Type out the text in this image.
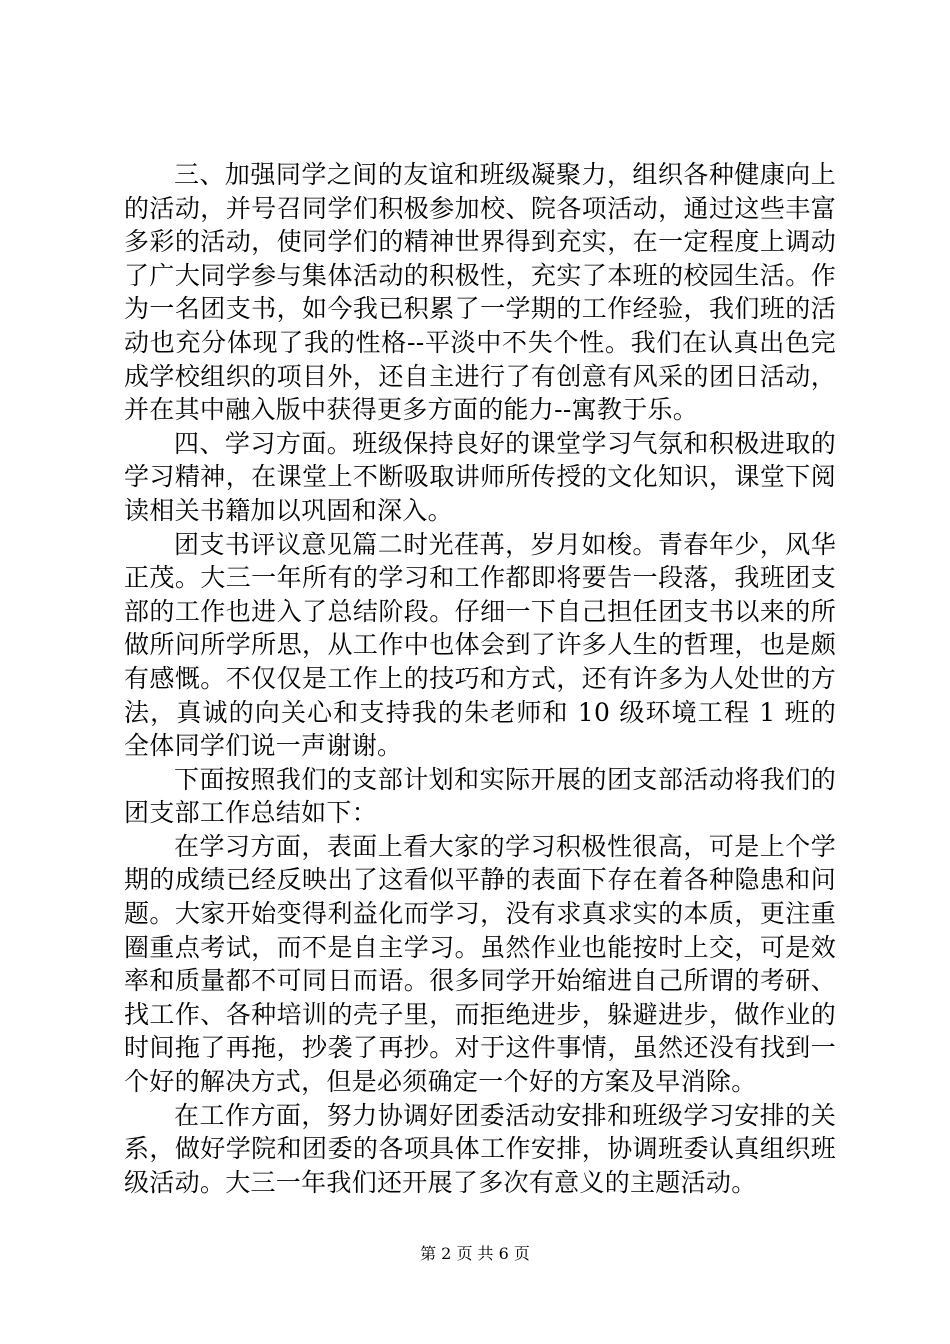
三、加强同学之间的友谊和班级凝聚力，组织各种健康向上的活动，并号召同学们积极参加校、院各项活动，通过这些丰富多彩的活动，使同学们的精神世界得到充实，在一定程度上调动了广大同学参与集体活动的积极性，充实了本班的校园生活。作为一名团支书，如今我已积累了一学期的工作经验，我们班的活动也充分体现了我的性格--平淡中不失个性。我们在认真出色完成学校组织的项目外，还自主进行了有创意有风采的团日活动，并在其中融入版中获得更多方面的能力--寓教于乐。

四、学习方面。班级保持良好的课堂学习气氛和积极进取的学习精神，在课堂上不断吸取讲师所传授的文化知识，课堂下阅读相关书籍加以巩固和深入。

团支书评议意见篇二时光荏苒，岁月如梭。青春年少，风华正茂。大三一年所有的学习和工作都即将要告一段落，我班团支部的工作也进入了总结阶段。仔细一下自己担任团支书以来的所做所问所学所思，从工作中也体会到了许多人生的哲理，也是颇有感慨。不仅仅是工作上的技巧和方式，还有许多为人处世的方法，真诚的向关心和支持我的朱老师和 10 级环境工程 1 班的全体同学们说一声谢谢。

下面按照我们的支部计划和实际开展的团支部活动将我们的团支部工作总结如下：

在学习方面，表面上看大家的学习积极性很高，可是上个学期的成绩已经反映出了这看似平静的表面下存在着各种隐患和问题。大家开始变得利益化而学习，没有求真求实的本质，更注重圈重点考试，而不是自主学习。虽然作业也能按时上交，可是效率和质量都不可同日而语。很多同学开始缩进自己所谓的考研、找工作、各种培训的壳子里，而拒绝进步，躲避进步，做作业的时间拖了再拖，抄袭了再抄。对于这件事情，虽然还没有找到一个好的解决方式，但是必须确定一个好的方案及早消除。

在工作方面，努力协调好团委活动安排和班级学习安排的关系，做好学院和团委的各项具体工作安排，协调班委认真组织班级活动。大三一年我们还开展了多次有意义的主题活动。

第 2 页 共 6 页
